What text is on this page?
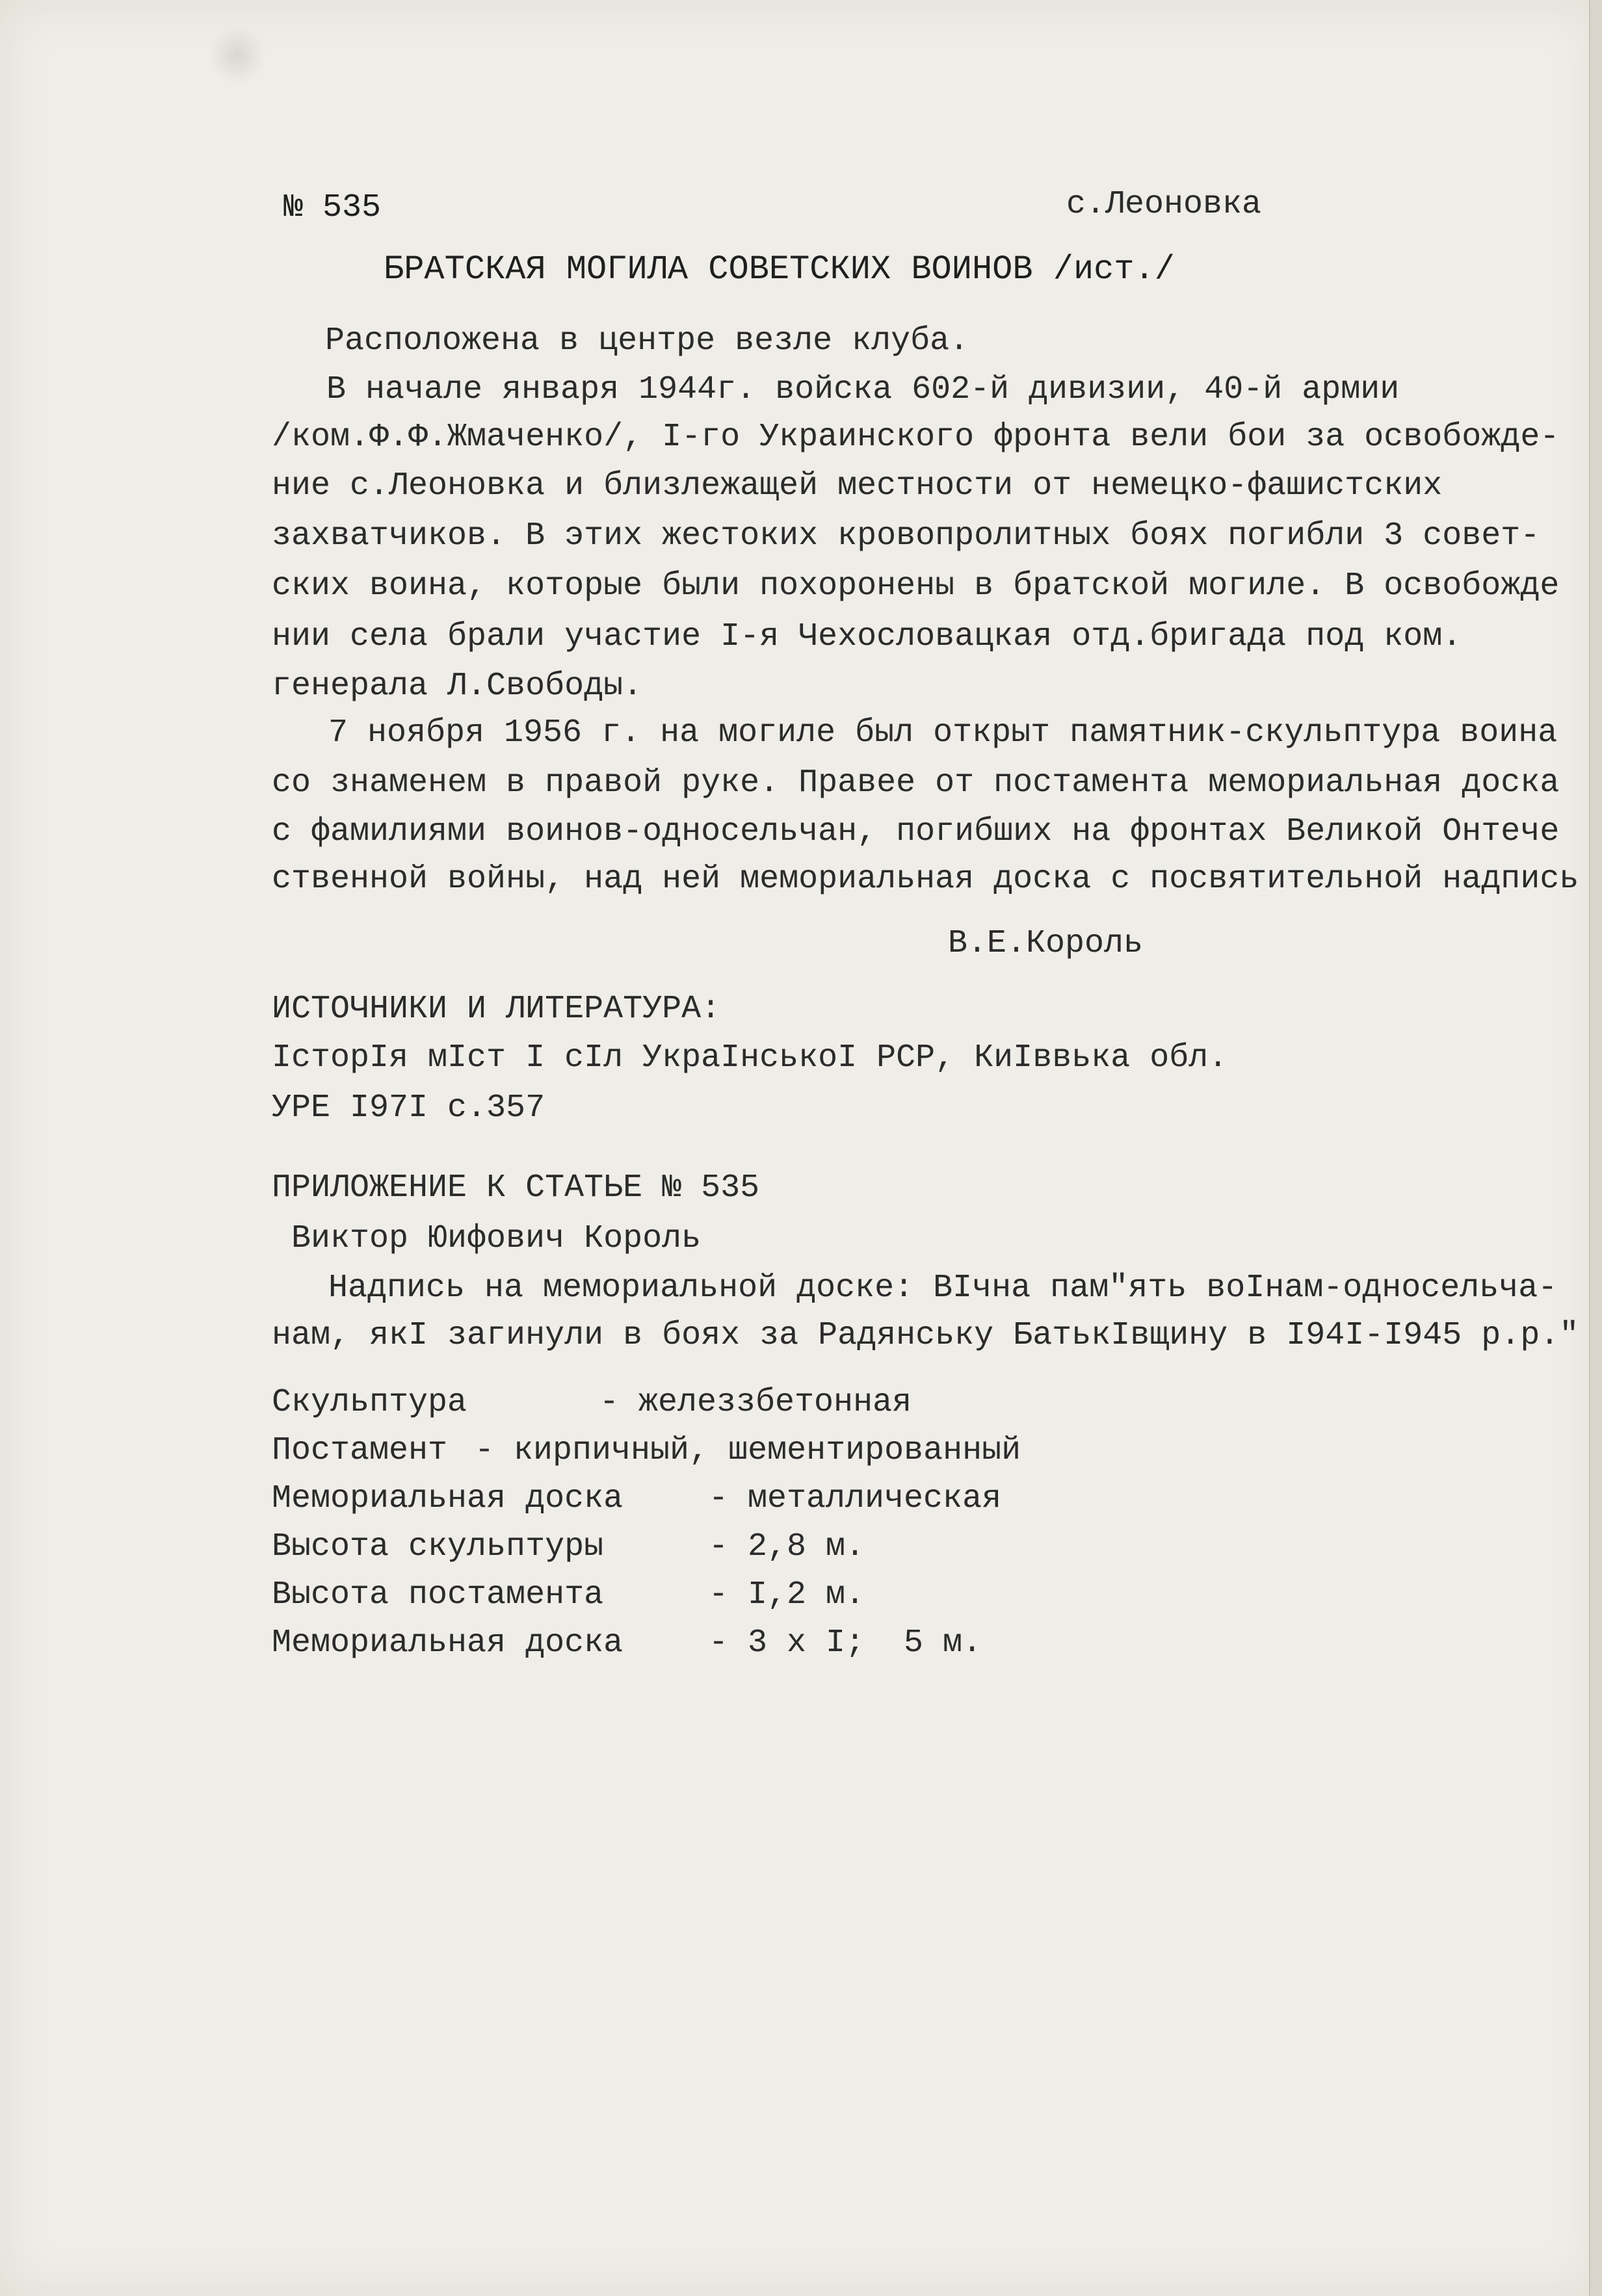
№ 535	с.Леоновка
БРАТСКАЯ МОГИЛА СОВЕТСКИХ ВОИНОВ /ист./
Расположена в центре везле клуба.
В начале января 1944г. войска 602-й дивизии, 40-й армии
/ком.Ф.Ф.Жмаченко/, I-го Украинского фронта вели бои за освобожде-
ние с.Леоновка и близлежащей местности от немецко-фашистских
захватчиков. В этих жестоких кровопролитных боях погибли 3 совет-
ских воина, которые были похоронены в братской могиле. В освобожде
нии села брали участие I-я Чехословацкая отд.бригада под ком.
генерала Л.Свободы.
7 ноября 1956 г. на могиле был открыт памятник-скульптура воина
со знаменем в правой руке. Правее от постамента мемориальная доска
с фамилиями воинов-односельчан, погибших на фронтах Великой Онтече
ственной войны, над ней мемориальная доска с посвятительной надпись
В.Е.Король
ИСТОЧНИКИ И ЛИТЕРАТУРА:
IсторIя мIст I сIл УкраIнськоI РСР, КиIввька обл.
УРЕ I97I с.357
ПРИЛОЖЕНИЕ К СТАТЬЕ № 535
Виктор Юифович Король
Надпись на мемориальной доске: BIчна пам"ять воIнам-односельча-
нам, якI загинули в боях за Радянську БатькIвщину в I94I-I945 р.р."
Скульптура	- железзбетонная
Постамент - кирпичный, шементированный
Мемориальная доска	- металлическая
Высота скульптуры	- 2,8 м.
Высота постамента	- I,2 м.
Мемориальная доска	- 3 х I;  5 м.
